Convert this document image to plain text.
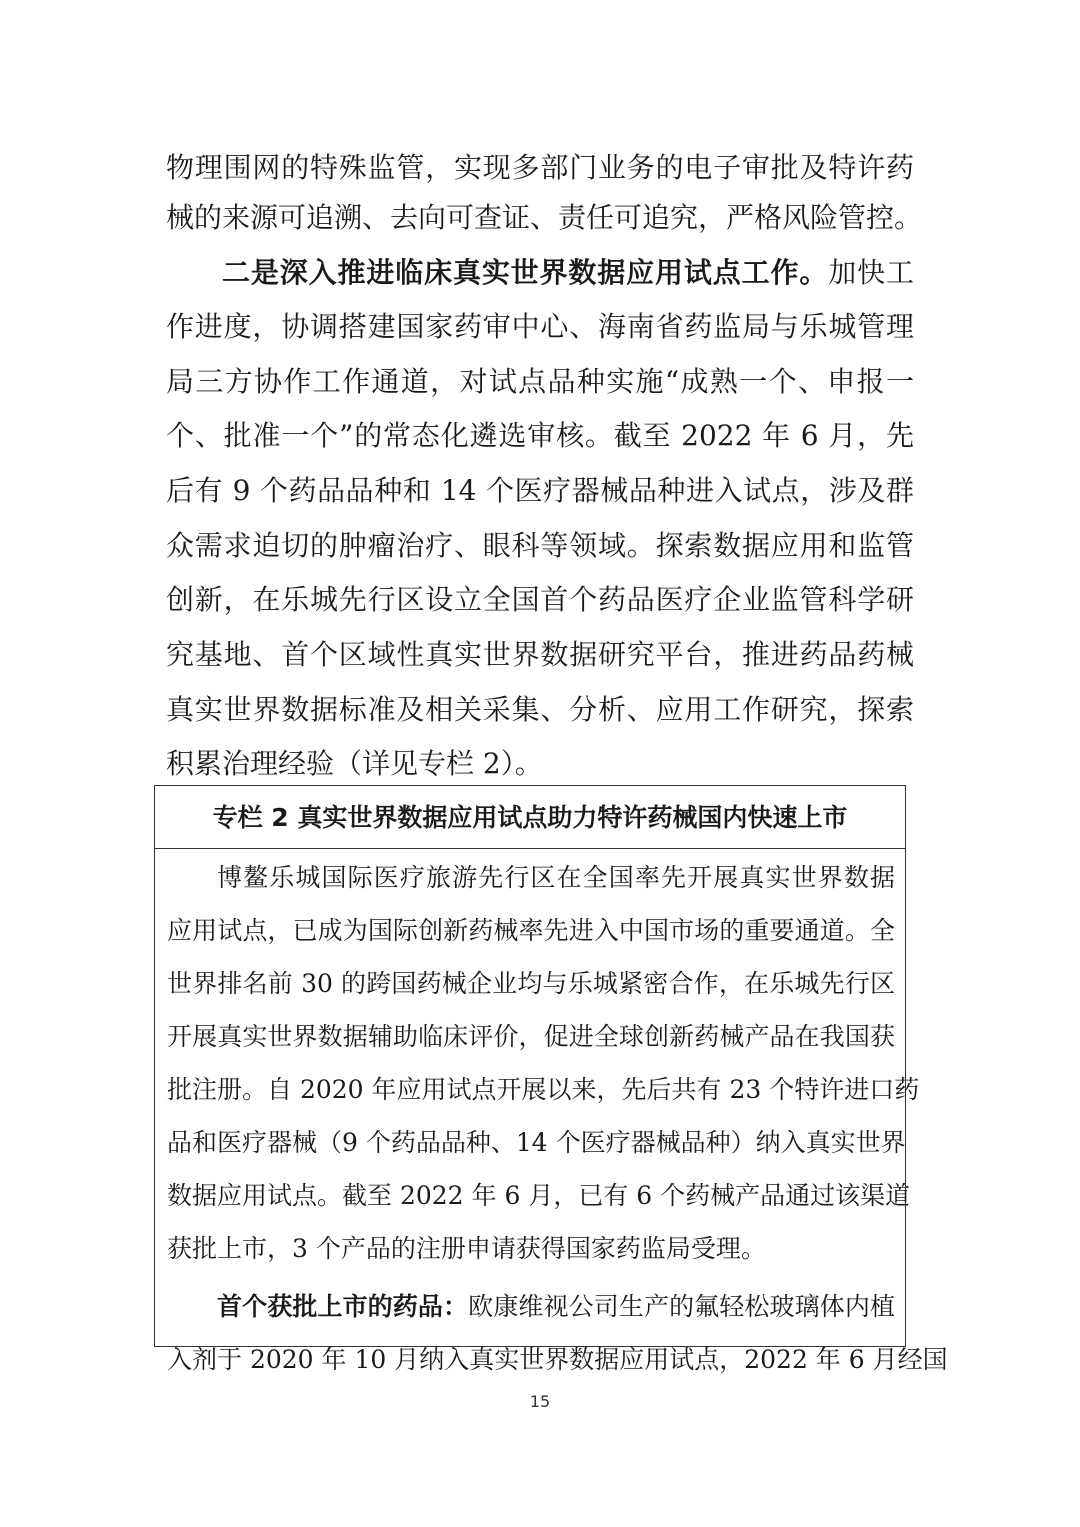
物理围网的特殊监管，实现多部门业务的电子审批及特许药
械的来源可追溯、去向可查证、责任可追究，严格风险管控。
二是深入推进临床真实世界数据应用试点工作。加快工
作进度，协调搭建国家药审中心、海南省药监局与乐城管理
局三方协作工作通道，对试点品种实施“成熟一个、申报一
个、批准一个”的常态化遴选审核。截至 2022 年 6 月，先
后有 9 个药品品种和 14 个医疗器械品种进入试点，涉及群
众需求迫切的肿瘤治疗、眼科等领域。探索数据应用和监管
创新，在乐城先行区设立全国首个药品医疗企业监管科学研
究基地、首个区域性真实世界数据研究平台，推进药品药械
真实世界数据标准及相关采集、分析、应用工作研究，探索
积累治理经验（详见专栏 2）。
专栏 2 真实世界数据应用试点助力特许药械国内快速上市
博鳌乐城国际医疗旅游先行区在全国率先开展真实世界数据
应用试点，已成为国际创新药械率先进入中国市场的重要通道。全
世界排名前 30 的跨国药械企业均与乐城紧密合作，在乐城先行区
开展真实世界数据辅助临床评价，促进全球创新药械产品在我国获
批注册。自 2020 年应用试点开展以来，先后共有 23 个特许进口药
品和医疗器械（9 个药品品种、14 个医疗器械品种）纳入真实世界
数据应用试点。截至 2022 年 6 月，已有 6 个药械产品通过该渠道
获批上市，3 个产品的注册申请获得国家药监局受理。
首个获批上市的药品：欧康维视公司生产的氟轻松玻璃体内植
入剂于 2020 年 10 月纳入真实世界数据应用试点，2022 年 6 月经国
15
